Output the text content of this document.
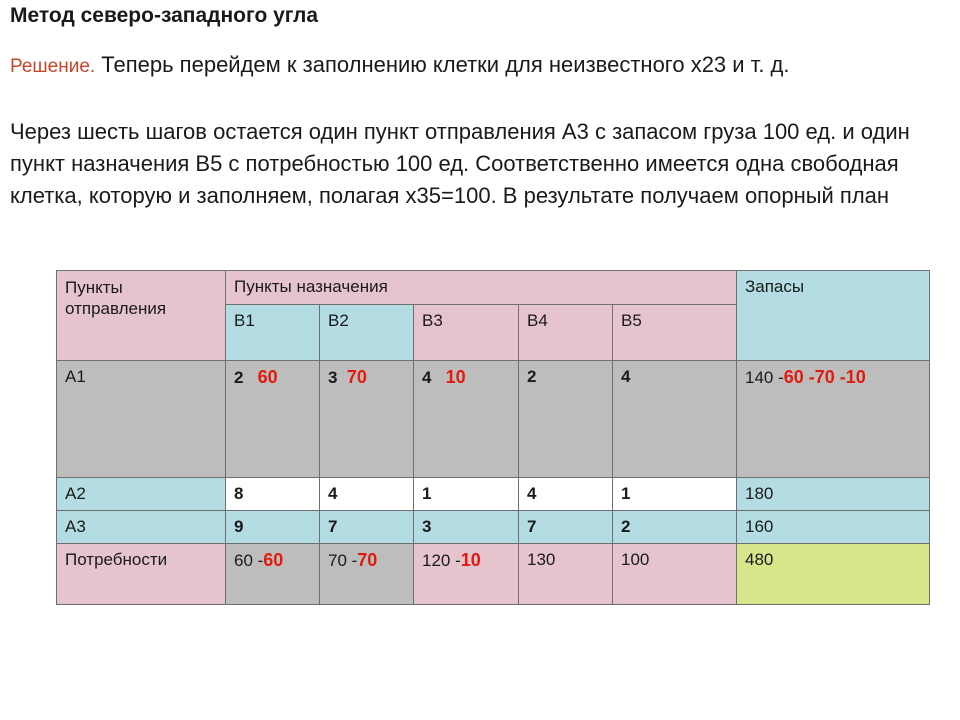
Метод северо-западного угла
Решение. Теперь перейдем к заполнению клетки для неизвестного x23 и т. д.
Через шесть шагов остается один пункт отправления А3 с запасом груза 100 ед. и один пункт назначения В5 с потребностью 100 ед. Соответственно имеется одна свободная клетка, которую и заполняем, полагая x35=100. В результате получаем опорный план
Пункты отправления	Пункты назначения					Запасы
	В1	В2	В3	В4	В5	
А1	2 60	3 70	4 10	2	4	140 -60 -70 -10
А2	8	4	1	4	1	180
А3	9	7	3	7	2	160
Потребности	60 -60	70 -70	120 -10	130	100	480
